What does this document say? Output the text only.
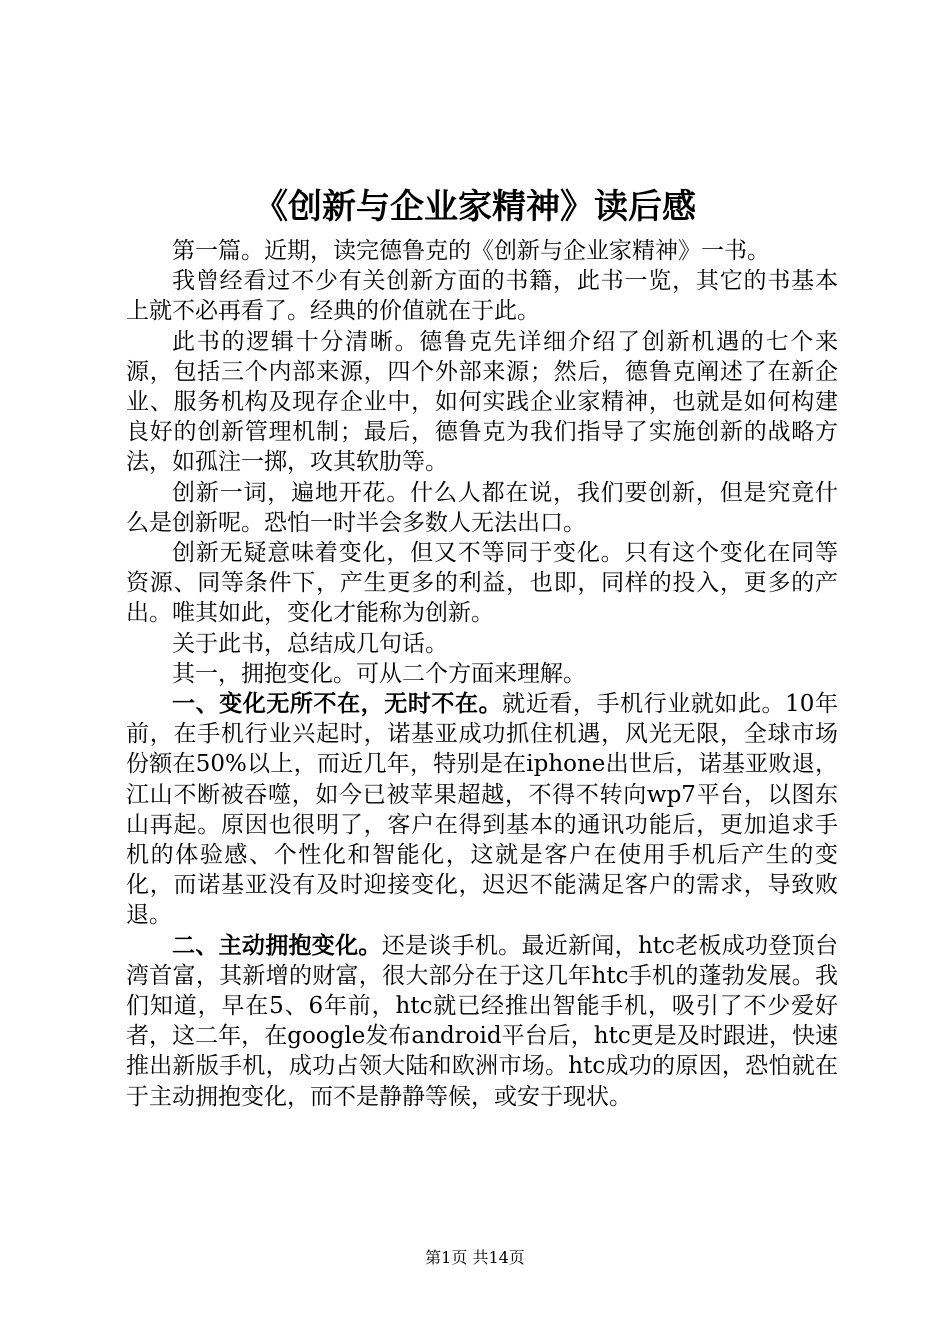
《创新与企业家精神》读后感

第一篇。近期，读完德鲁克的《创新与企业家精神》一书。

我曾经看过不少有关创新方面的书籍，此书一览，其它的书基本上就不必再看了。经典的价值就在于此。

此书的逻辑十分清晰。德鲁克先详细介绍了创新机遇的七个来源，包括三个内部来源，四个外部来源；然后，德鲁克阐述了在新企业、服务机构及现存企业中，如何实践企业家精神，也就是如何构建良好的创新管理机制；最后，德鲁克为我们指导了实施创新的战略方法，如孤注一掷，攻其软肋等。

创新一词，遍地开花。什么人都在说，我们要创新，但是究竟什么是创新呢。恐怕一时半会多数人无法出口。

创新无疑意味着变化，但又不等同于变化。只有这个变化在同等资源、同等条件下，产生更多的利益，也即，同样的投入，更多的产出。唯其如此，变化才能称为创新。

关于此书，总结成几句话。

其一，拥抱变化。可从二个方面来理解。

一、变化无所不在，无时不在。就近看，手机行业就如此。10年前，在手机行业兴起时，诺基亚成功抓住机遇，风光无限，全球市场份额在50%以上，而近几年，特别是在iphone出世后，诺基亚败退，江山不断被吞噬，如今已被苹果超越，不得不转向wp7平台，以图东山再起。原因也很明了，客户在得到基本的通讯功能后，更加追求手机的体验感、个性化和智能化，这就是客户在使用手机后产生的变化，而诺基亚没有及时迎接变化，迟迟不能满足客户的需求，导致败退。

二、主动拥抱变化。还是谈手机。最近新闻，htc老板成功登顶台湾首富，其新增的财富，很大部分在于这几年htc手机的蓬勃发展。我们知道，早在5、6年前，htc就已经推出智能手机，吸引了不少爱好者，这二年，在google发布android平台后，htc更是及时跟进，快速推出新版手机，成功占领大陆和欧洲市场。htc成功的原因，恐怕就在于主动拥抱变化，而不是静静等候，或安于现状。

第1页 共14页
